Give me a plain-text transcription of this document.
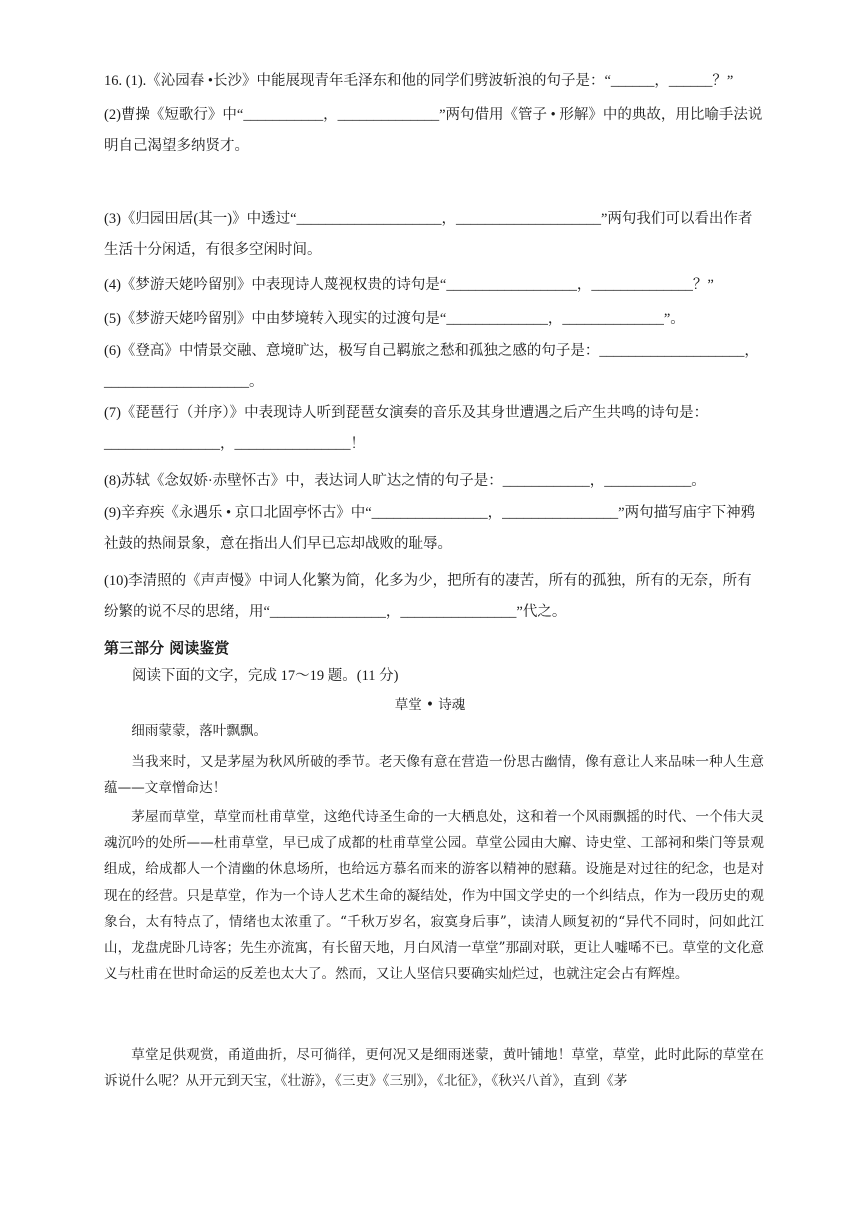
16. (1).《沁园春 •长沙》中能展现青年毛泽东和他的同学们劈波斩浪的句子是：“______，______？”
(2)曹操《短歌行》中“___________，______________”两句借用《管子 • 形解》中的典故，用比喻手法说明自己渴望多纳贤才。
(3)《归园田居(其一)》中透过“____________________，____________________”两句我们可以看出作者生活十分闲适，有很多空闲时间。
(4)《梦游天姥吟留别》中表现诗人蔑视权贵的诗句是“__________________，______________？”
(5)《梦游天姥吟留别》中由梦境转入现实的过渡句是“______________，______________”。
(6)《登高》中情景交融、意境旷达，极写自己羁旅之愁和孤独之感的句子是：____________________，____________________。
(7)《琵琶行（并序）》中表现诗人听到琵琶女演奏的音乐及其身世遭遇之后产生共鸣的诗句是：________________，________________！
(8)苏轼《念奴娇·赤壁怀古》中，表达词人旷达之情的句子是：____________，____________。
(9)辛弃疾《永遇乐 • 京口北固亭怀古》中“________________，________________”两句描写庙宇下神鸦社鼓的热闹景象，意在指出人们早已忘却战败的耻辱。
(10)李清照的《声声慢》中词人化繁为简，化多为少，把所有的凄苦，所有的孤独，所有的无奈，所有纷繁的说不尽的思绪，用“________________，________________”代之。
第三部分 阅读鉴赏
阅读下面的文字，完成 17～19 题。(11 分)
草堂 • 诗魂

细雨蒙蒙，落叶飘飘。

当我来时，又是茅屋为秋风所破的季节。老天像有意在营造一份思古幽情，像有意让人来品味一种人生意蕴——文章憎命达！

茅屋而草堂，草堂而杜甫草堂，这绝代诗圣生命的一大栖息处，这和着一个风雨飘摇的时代、一个伟大灵魂沉吟的处所——杜甫草堂，早已成了成都的杜甫草堂公园。草堂公园由大廨、诗史堂、工部祠和柴门等景观组成，给成都人一个清幽的休息场所，也给远方慕名而来的游客以精神的慰藉。设施是对过往的纪念，也是对现在的经营。只是草堂，作为一个诗人艺术生命的凝结处，作为中国文学史的一个纠结点，作为一段历史的观象台，太有特点了，情绪也太浓重了。“千秋万岁名，寂寞身后事”，读清人顾复初的“异代不同时，问如此江山，龙盘虎卧几诗客；先生亦流寓，有长留天地，月白风清一草堂”那副对联，更让人嘘唏不已。草堂的文化意义与杜甫在世时命运的反差也太大了。然而，又让人坚信只要确实灿烂过，也就注定会占有辉煌。

草堂足供观赏，甬道曲折，尽可徜徉，更何况又是细雨迷蒙，黄叶铺地！草堂，草堂，此时此际的草堂在诉说什么呢？从开元到天宝，《壮游》，《三吏》《三别》，《北征》，《秋兴八首》，直到《茅
